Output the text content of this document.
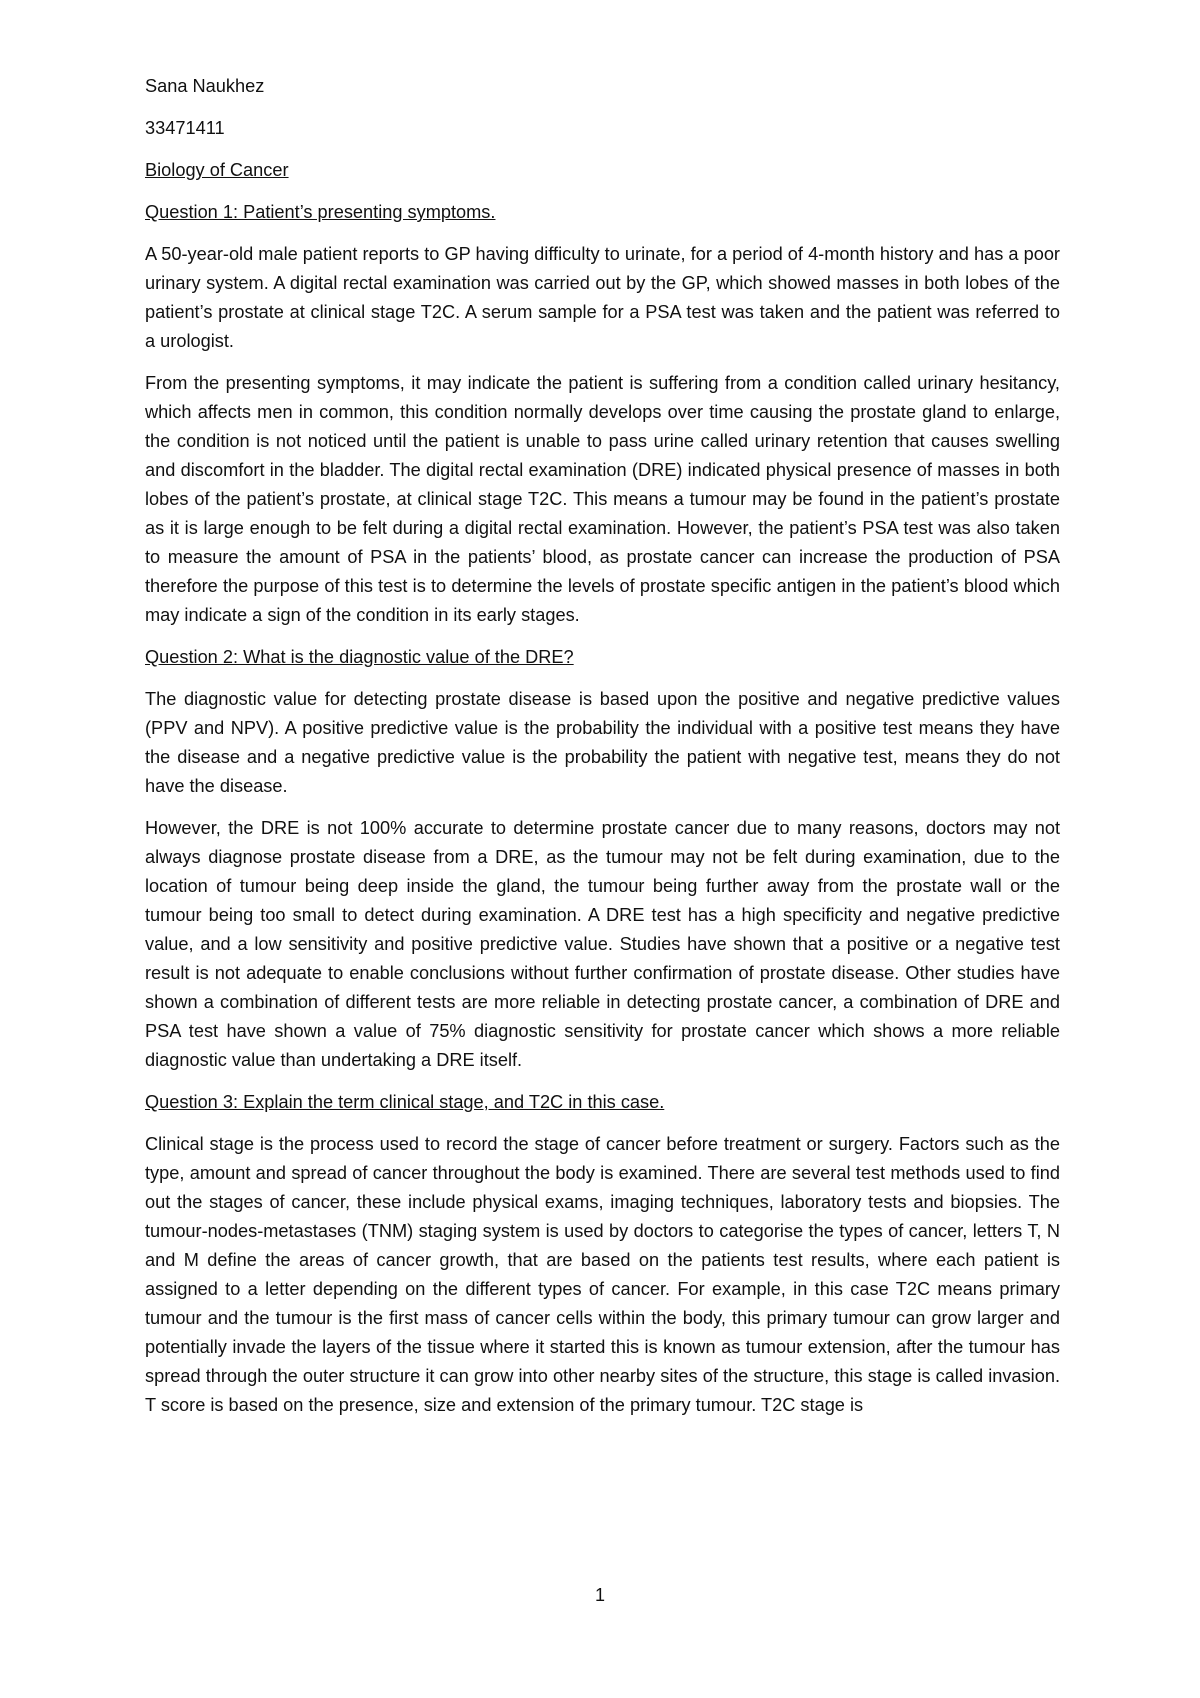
Sana Naukhez

33471411

Biology of Cancer

Question 1: Patient’s presenting symptoms.

A 50-year-old male patient reports to GP having difficulty to urinate, for a period of 4-month history and has a poor urinary system. A digital rectal examination was carried out by the GP, which showed masses in both lobes of the patient’s prostate at clinical stage T2C. A serum sample for a PSA test was taken and the patient was referred to a urologist.

From the presenting symptoms, it may indicate the patient is suffering from a condition called urinary hesitancy, which affects men in common, this condition normally develops over time causing the prostate gland to enlarge, the condition is not noticed until the patient is unable to pass urine called urinary retention that causes swelling and discomfort in the bladder. The digital rectal examination (DRE) indicated physical presence of masses in both lobes of the patient’s prostate, at clinical stage T2C. This means a tumour may be found in the patient’s prostate as it is large enough to be felt during a digital rectal examination. However, the patient’s PSA test was also taken to measure the amount of PSA in the patients’ blood, as prostate cancer can increase the production of PSA therefore the purpose of this test is to determine the levels of prostate specific antigen in the patient’s blood which may indicate a sign of the condition in its early stages.

Question 2: What is the diagnostic value of the DRE?

The diagnostic value for detecting prostate disease is based upon the positive and negative predictive values (PPV and NPV). A positive predictive value is the probability the individual with a positive test means they have the disease and a negative predictive value is the probability the patient with negative test, means they do not have the disease.

However, the DRE is not 100% accurate to determine prostate cancer due to many reasons, doctors may not always diagnose prostate disease from a DRE, as the tumour may not be felt during examination, due to the location of tumour being deep inside the gland, the tumour being further away from the prostate wall or the tumour being too small to detect during examination. A DRE test has a high specificity and negative predictive value, and a low sensitivity and positive predictive value. Studies have shown that a positive or a negative test result is not adequate to enable conclusions without further confirmation of prostate disease. Other studies have shown a combination of different tests are more reliable in detecting prostate cancer, a combination of DRE and PSA test have shown a value of 75% diagnostic sensitivity for prostate cancer which shows a more reliable diagnostic value than undertaking a DRE itself.

Question 3: Explain the term clinical stage, and T2C in this case.

Clinical stage is the process used to record the stage of cancer before treatment or surgery. Factors such as the type, amount and spread of cancer throughout the body is examined. There are several test methods used to find out the stages of cancer, these include physical exams, imaging techniques, laboratory tests and biopsies. The tumour-nodes-metastases (TNM) staging system is used by doctors to categorise the types of cancer, letters T, N and M define the areas of cancer growth, that are based on the patients test results, where each patient is assigned to a letter depending on the different types of cancer. For example, in this case T2C means primary tumour and the tumour is the first mass of cancer cells within the body, this primary tumour can grow larger and potentially invade the layers of the tissue where it started this is known as tumour extension, after the tumour has spread through the outer structure it can grow into other nearby sites of the structure, this stage is called invasion. T score is based on the presence, size and extension of the primary tumour. T2C stage is

1
